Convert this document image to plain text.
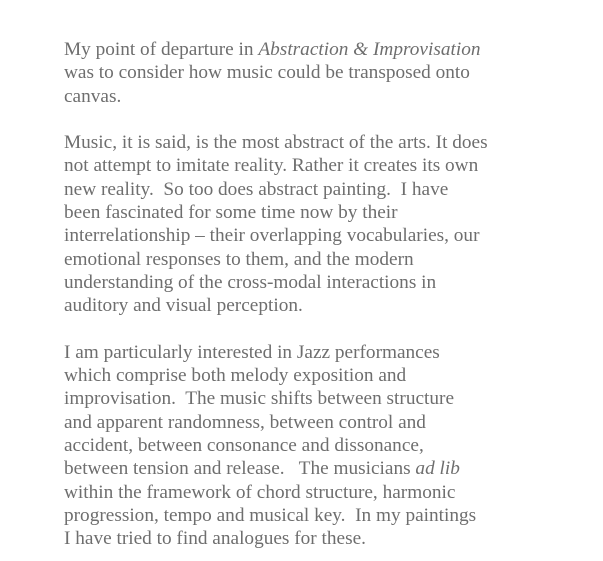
My point of departure in Abstraction & Improvisation
was to consider how music could be transposed onto
canvas.
Music, it is said, is the most abstract of the arts. It does
not attempt to imitate reality. Rather it creates its own
new reality.  So too does abstract painting.  I have
been fascinated for some time now by their
interrelationship – their overlapping vocabularies, our
emotional responses to them, and the modern
understanding of the cross-modal interactions in
auditory and visual perception.
I am particularly interested in Jazz performances
which comprise both melody exposition and
improvisation.  The music shifts between structure
and apparent randomness, between control and
accident, between consonance and dissonance,
between tension and release.   The musicians ad lib
within the framework of chord structure, harmonic
progression, tempo and musical key.  In my paintings
I have tried to find analogues for these.
